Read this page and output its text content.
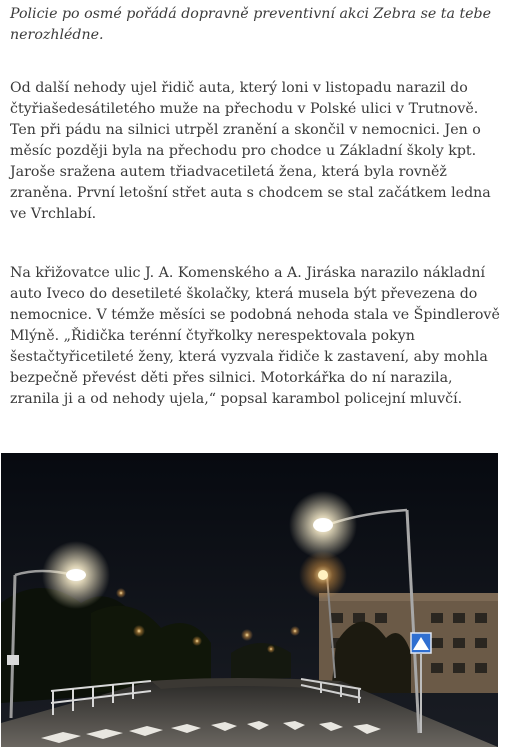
Policie po osmé pořádá dopravně preventivní akci Zebra se ta tebe nerozhlédne.

Od další nehody ujel řidič auta, který loni v listopadu narazil do čtyřiašedesátiletého muže na přechodu v Polské ulici v Trutnově. Ten při pádu na silnici utrpěl zranění a skončil v nemocnici. Jen o měsíc později byla na přechodu pro chodce u Základní školy kpt. Jaroše sražena autem třiadvacetiletá žena, která byla rovněž zraněna. První letošní střet auta s chodcem se stal začátkem ledna ve Vrchlabí.

Na křižovatce ulic J. A. Komenského a A. Jiráska narazilo nákladní auto Iveco do desetileté školačky, která musela být převezena do nemocnice. V témže měsíci se podobná nehoda stala ve Špindlerově Mlýně. „Řidička terénní čtyřkolky nerespektovala pokyn šestačtyřicetileté ženy, která vyzvala řidiče k zastavení, aby mohla bezpečně převést děti přes silnici. Motorkářka do ní narazila, zranila ji a od nehody ujela,“ popsal karambol policejní mluvčí.
